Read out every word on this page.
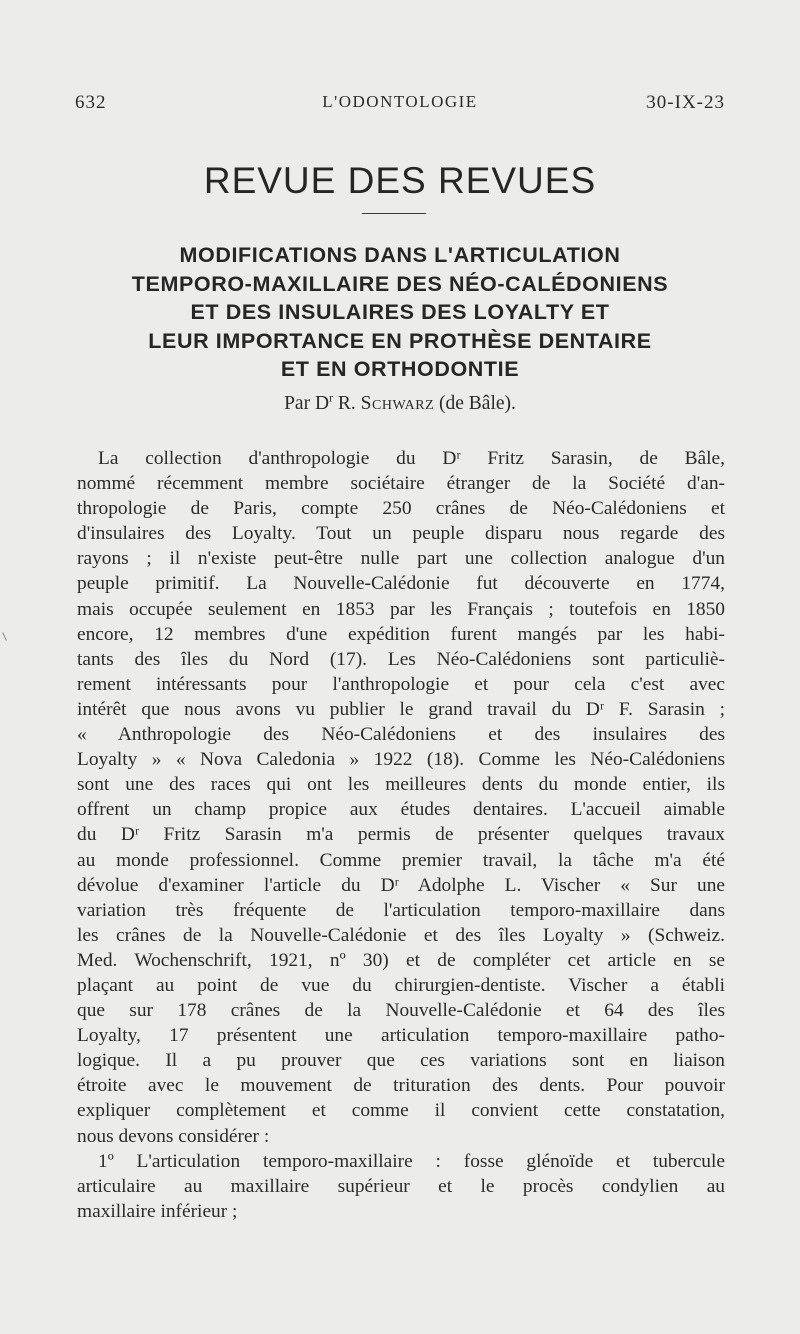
632	L'ODONTOLOGIE	30-IX-23
REVUE DES REVUES
MODIFICATIONS DANS L'ARTICULATION
TEMPORO-MAXILLAIRE DES NÉO-CALÉDONIENS
ET DES INSULAIRES DES LOYALTY ET
LEUR IMPORTANCE EN PROTHÈSE DENTAIRE
ET EN ORTHODONTIE
Par $D^r$ R. Schwarz (de Bâle).
La collection d'anthropologie du Dʳ Fritz Sarasin, de Bâle,
nommé récemment membre sociétaire étranger de la Société d'an-
thropologie de Paris, compte 250 crânes de Néo-Calédoniens et
d'insulaires des Loyalty. Tout un peuple disparu nous regarde des
rayons ; il n'existe peut-être nulle part une collection analogue d'un
peuple primitif. La Nouvelle-Calédonie fut découverte en 1774,
mais occupée seulement en 1853 par les Français ; toutefois en 1850
encore, 12 membres d'une expédition furent mangés par les habi-
tants des îles du Nord (17). Les Néo-Calédoniens sont particuliè-
rement intéressants pour l'anthropologie et pour cela c'est avec
intérêt que nous avons vu publier le grand travail du Dʳ F. Sarasin ;
« Anthropologie des Néo-Calédoniens et des insulaires des
Loyalty » « Nova Caledonia » 1922 (18). Comme les Néo-Calédoniens
sont une des races qui ont les meilleures dents du monde entier, ils
offrent un champ propice aux études dentaires. L'accueil aimable
du Dʳ Fritz Sarasin m'a permis de présenter quelques travaux
au monde professionnel. Comme premier travail, la tâche m'a été
dévolue d'examiner l'article du Dʳ Adolphe L. Vischer « Sur une
variation très fréquente de l'articulation temporo-maxillaire dans
les crânes de la Nouvelle-Calédonie et des îles Loyalty » (Schweiz.
Med. Wochenschrift, 1921, nº 30) et de compléter cet article en se
plaçant au point de vue du chirurgien-dentiste. Vischer a établi
que sur 178 crânes de la Nouvelle-Calédonie et 64 des îles
Loyalty, 17 présentent une articulation temporo-maxillaire patho-
logique. Il a pu prouver que ces variations sont en liaison
étroite avec le mouvement de trituration des dents. Pour pouvoir
expliquer complètement et comme il convient cette constatation,
nous devons considérer :
1º L'articulation temporo-maxillaire : fosse glénoïde et tubercule
articulaire au maxillaire supérieur et le procès condylien au
maxillaire inférieur ;
